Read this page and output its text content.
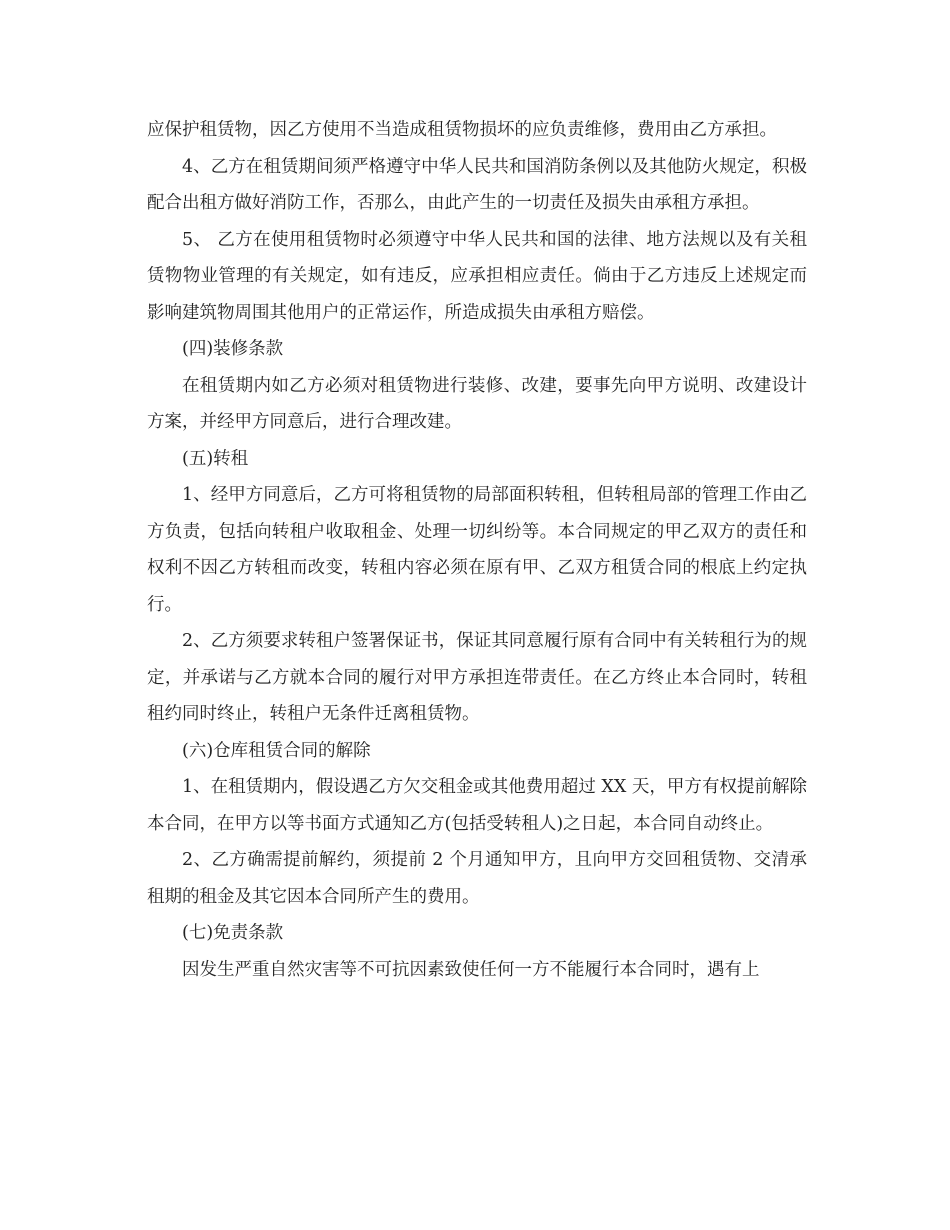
应保护租赁物，因乙方使用不当造成租赁物损坏的应负责维修，费用由乙方承担。

4、乙方在租赁期间须严格遵守中华人民共和国消防条例以及其他防火规定，积极配合出租方做好消防工作，否那么，由此产生的一切责任及损失由承租方承担。

5、 乙方在使用租赁物时必须遵守中华人民共和国的法律、地方法规以及有关租赁物物业管理的有关规定，如有违反，应承担相应责任。倘由于乙方违反上述规定而影响建筑物周围其他用户的正常运作，所造成损失由承租方赔偿。

(四)装修条款

在租赁期内如乙方必须对租赁物进行装修、改建，要事先向甲方说明、改建设计方案，并经甲方同意后，进行合理改建。

(五)转租

1、经甲方同意后，乙方可将租赁物的局部面积转租，但转租局部的管理工作由乙方负责，包括向转租户收取租金、处理一切纠纷等。本合同规定的甲乙双方的责任和权利不因乙方转租而改变，转租内容必须在原有甲、乙双方租赁合同的根底上约定执行。

2、乙方须要求转租户签署保证书，保证其同意履行原有合同中有关转租行为的规定，并承诺与乙方就本合同的履行对甲方承担连带责任。在乙方终止本合同时，转租租约同时终止，转租户无条件迁离租赁物。

(六)仓库租赁合同的解除

1、在租赁期内，假设遇乙方欠交租金或其他费用超过 XX 天，甲方有权提前解除本合同，在甲方以等书面方式通知乙方(包括受转租人)之日起，本合同自动终止。

2、乙方确需提前解约，须提前 2 个月通知甲方，且向甲方交回租赁物、交清承租期的租金及其它因本合同所产生的费用。

(七)免责条款

因发生严重自然灾害等不可抗因素致使任何一方不能履行本合同时，遇有上
